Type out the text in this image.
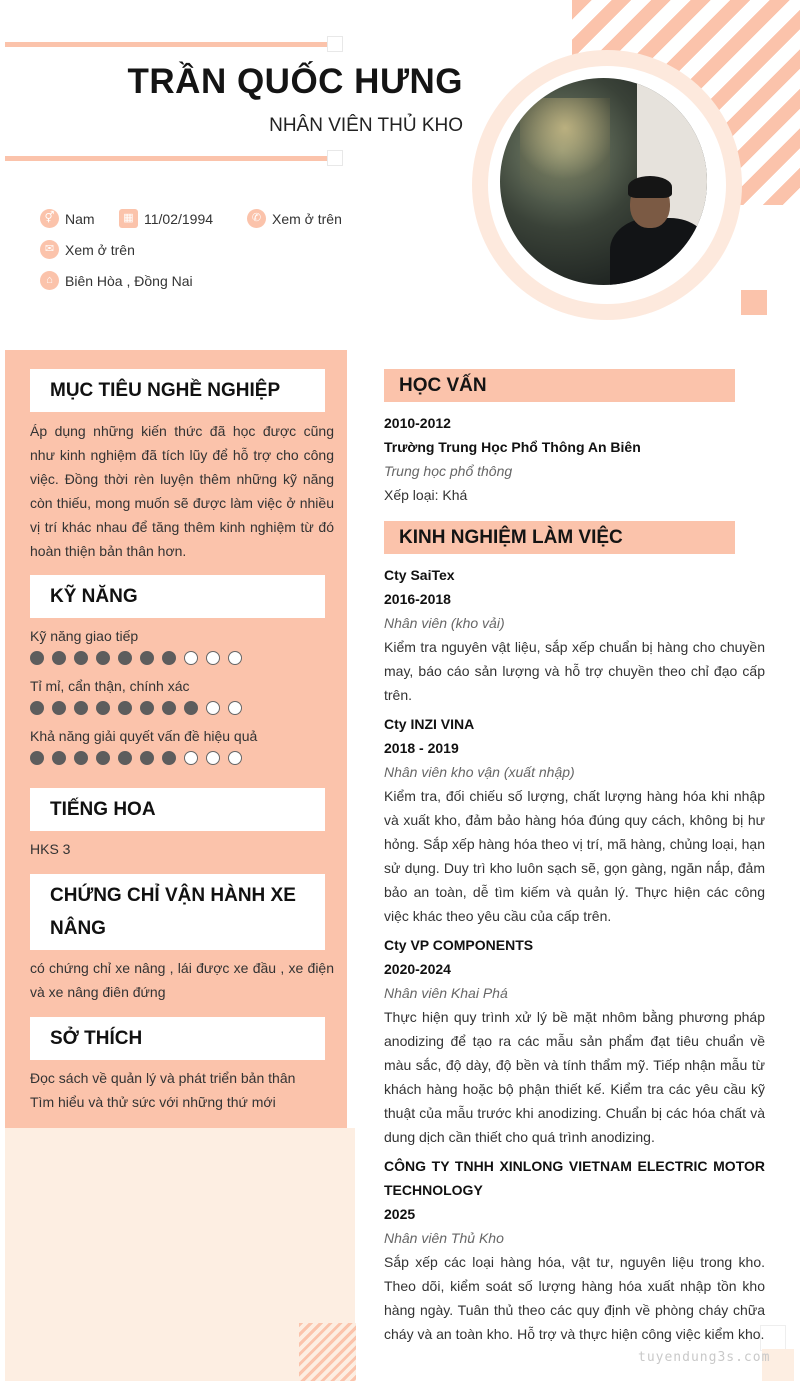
TRẦN QUỐC HƯNG
NHÂN VIÊN THỦ KHO
⚥ Nam	▦ 11/02/1994	✆ Xem ở trên
✉ Xem ở trên
⌂ Biên Hòa , Đồng Nai
MỤC TIÊU NGHỀ NGHIỆP
Áp dụng những kiến thức đã học được cũng như kinh nghiệm đã tích lũy để hỗ trợ cho công việc. Đồng thời rèn luyện thêm những kỹ năng còn thiếu, mong muốn sẽ được làm việc ở nhiều vị trí khác nhau để tăng thêm kinh nghiệm từ đó hoàn thiện bản thân hơn.
KỸ NĂNG
Kỹ năng giao tiếp
Tỉ mỉ, cẩn thận, chính xác
Khả năng giải quyết vấn đề hiệu quả
TIẾNG HOA
HKS 3
CHỨNG CHỈ VẬN HÀNH XE NÂNG
có chứng chỉ xe nâng , lái được xe đầu , xe điện và xe nâng điên đứng
SỞ THÍCH
Đọc sách về quản lý và phát triển bản thân
Tìm hiểu và thử sức với những thứ mới
HỌC VẤN
2010-2012
Trường Trung Học Phổ Thông An Biên
Trung học phổ thông
Xếp loại: Khá
KINH NGHIỆM LÀM VIỆC
Cty SaiTex
2016-2018
Nhân viên (kho vải)
Kiểm tra nguyên vật liệu, sắp xếp chuẩn bị hàng cho chuyền may, báo cáo sản lượng và hỗ trợ chuyền theo chỉ đạo cấp trên.
Cty INZI VINA
2018 - 2019
Nhân viên kho vận (xuất nhập)
Kiểm tra, đối chiếu số lượng, chất lượng hàng hóa khi nhập và xuất kho, đảm bảo hàng hóa đúng quy cách, không bị hư hỏng. Sắp xếp hàng hóa theo vị trí, mã hàng, chủng loại, hạn sử dụng. Duy trì kho luôn sạch sẽ, gọn gàng, ngăn nắp, đảm bảo an toàn, dễ tìm kiếm và quản lý. Thực hiện các công việc khác theo yêu cầu của cấp trên.
Cty VP COMPONENTS
2020-2024
Nhân viên Khai Phá
Thực hiện quy trình xử lý bề mặt nhôm bằng phương pháp anodizing để tạo ra các mẫu sản phẩm đạt tiêu chuẩn về màu sắc, độ dày, độ bền và tính thẩm mỹ. Tiếp nhận mẫu từ khách hàng hoặc bộ phận thiết kế. Kiểm tra các yêu cầu kỹ thuật của mẫu trước khi anodizing. Chuẩn bị các hóa chất và dung dịch cần thiết cho quá trình anodizing.
CÔNG TY TNHH XINLONG VIETNAM ELECTRIC MOTOR TECHNOLOGY
2025
Nhân viên Thủ Kho
Sắp xếp các loại hàng hóa, vật tư, nguyên liệu trong kho. Theo dõi, kiểm soát số lượng hàng hóa xuất nhập tồn kho hàng ngày. Tuân thủ theo các quy định về phòng cháy chữa cháy và an toàn kho. Hỗ trợ và thực hiện công việc kiểm kho.
tuyendung3s.com
